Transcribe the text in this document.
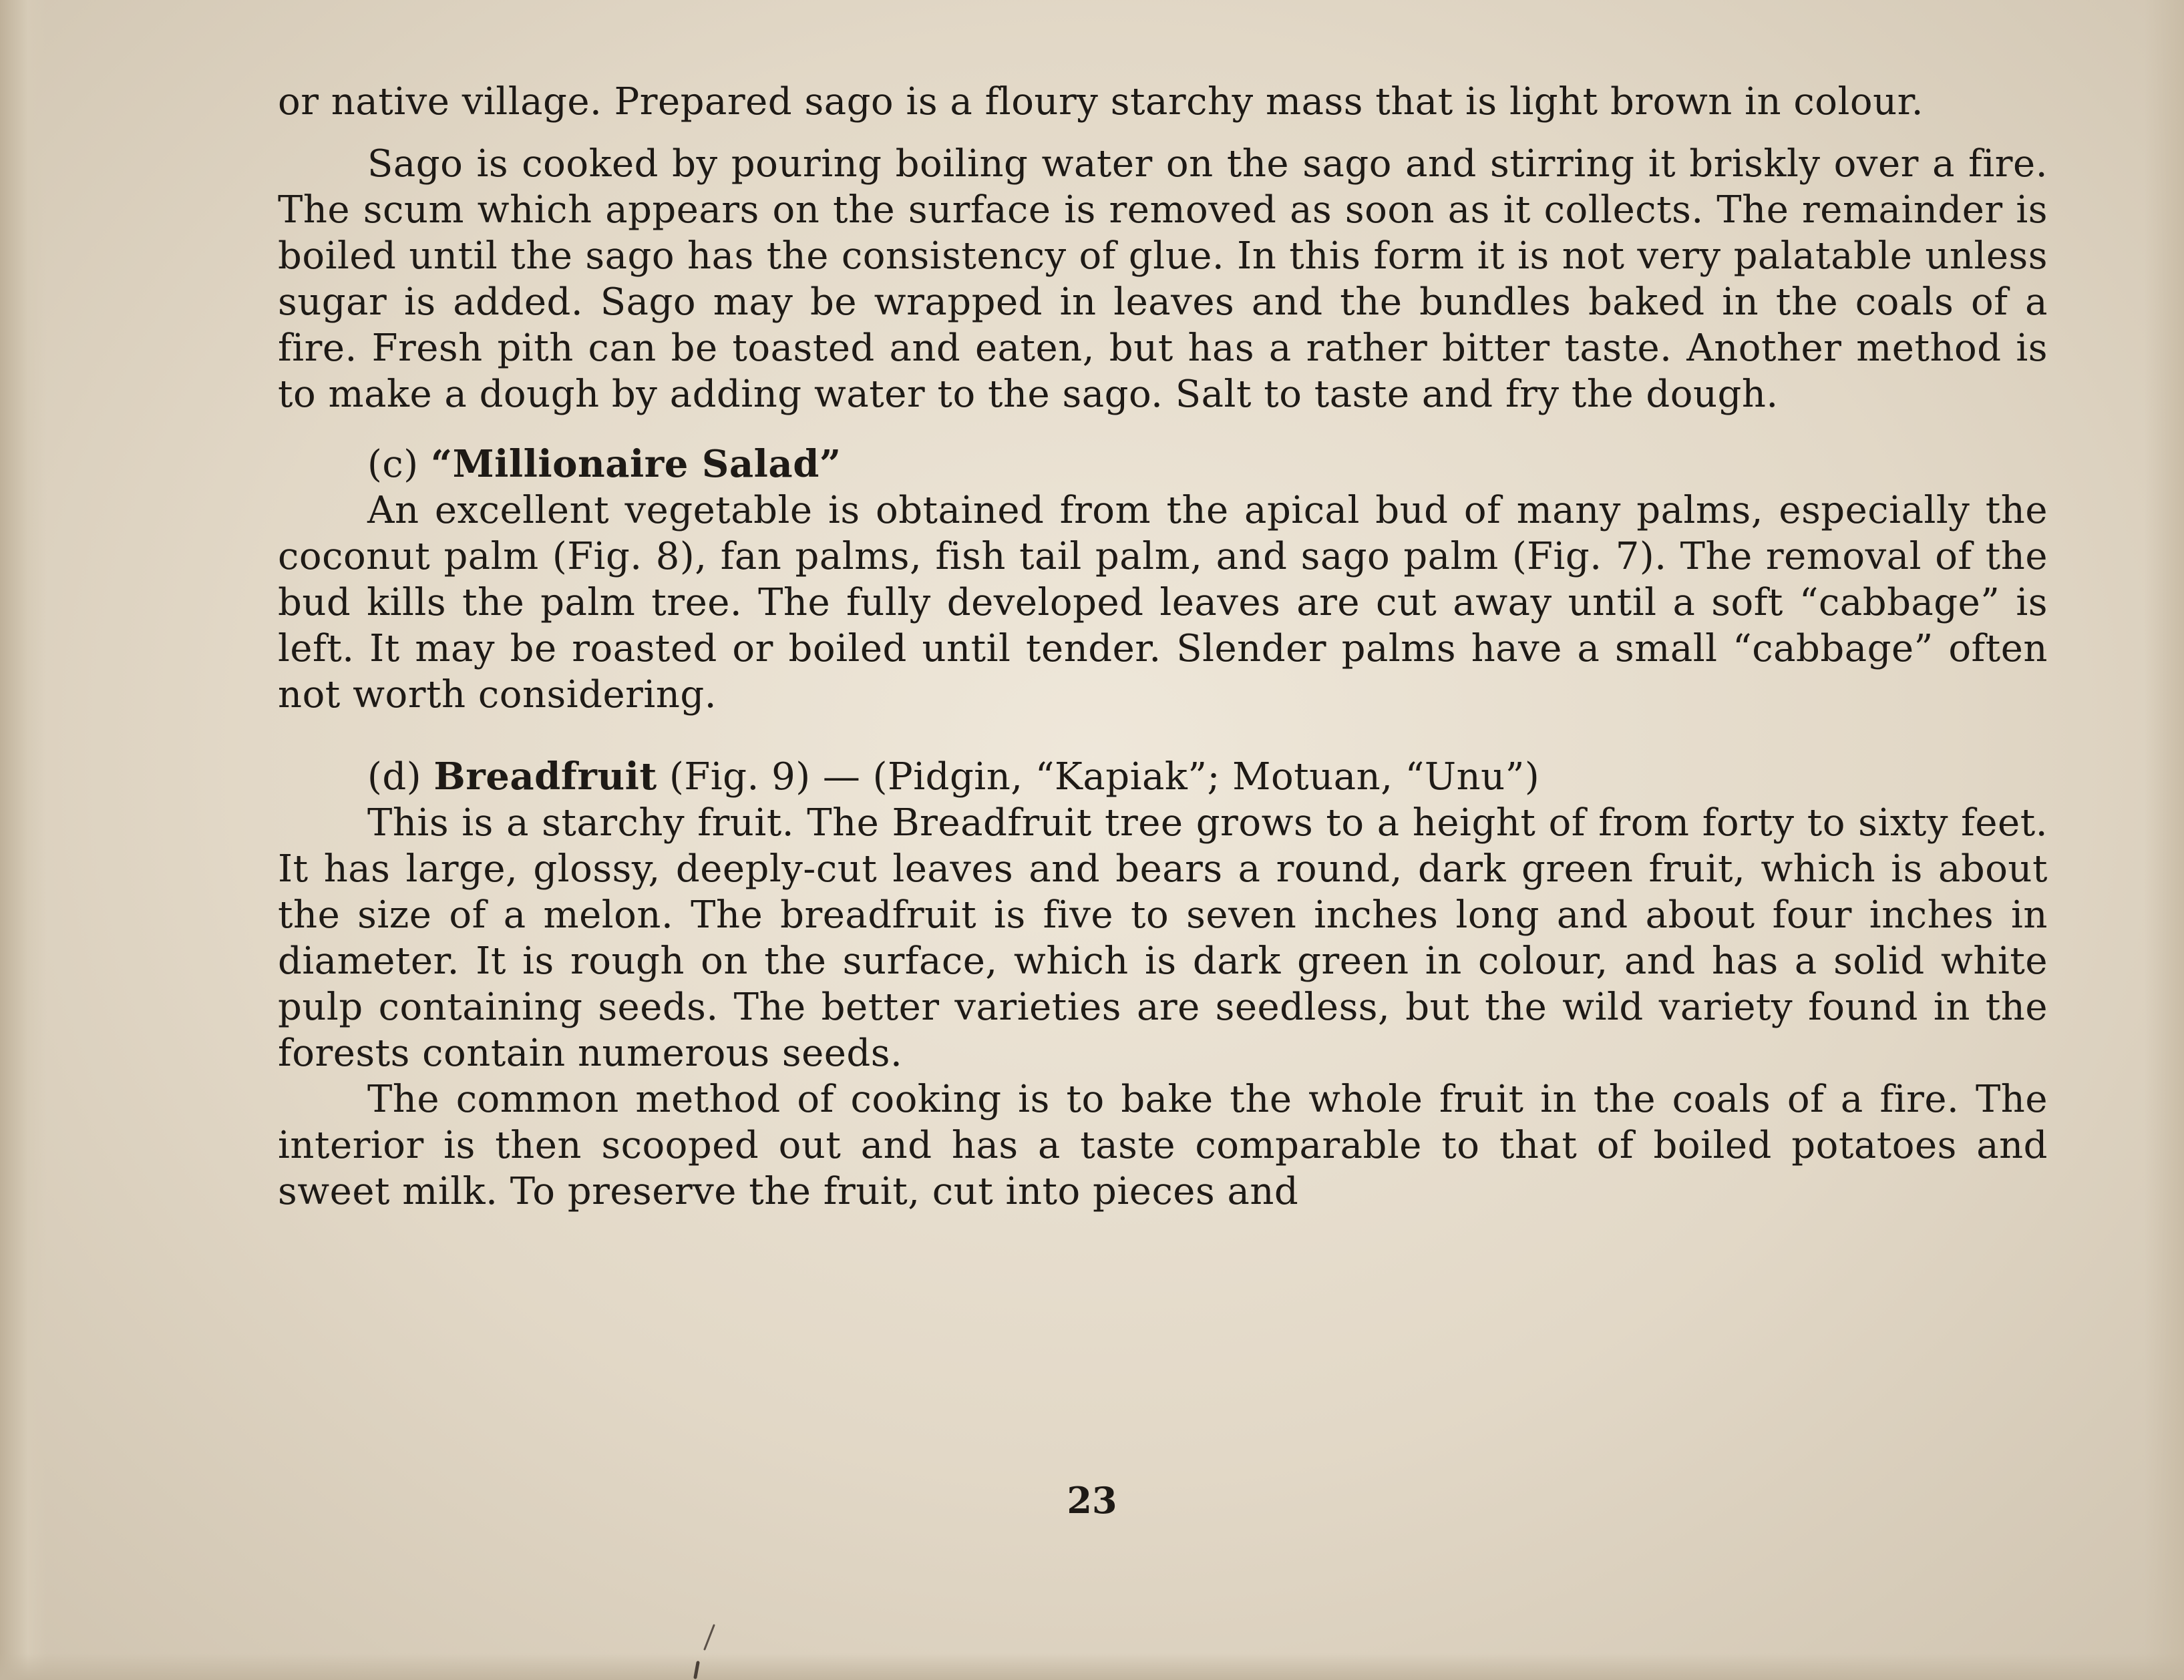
or native village. Prepared sago is a floury starchy mass that is light brown in colour.

Sago is cooked by pouring boiling water on the sago and stirring it briskly over a fire. The scum which appears on the surface is removed as soon as it collects. The remainder is boiled until the sago has the consistency of glue. In this form it is not very palatable unless sugar is added. Sago may be wrapped in leaves and the bundles baked in the coals of a fire. Fresh pith can be toasted and eaten, but has a rather bitter taste. Another method is to make a dough by adding water to the sago. Salt to taste and fry the dough.

(c) “Millionaire Salad”

An excellent vegetable is obtained from the apical bud of many palms, especially the coconut palm (Fig. 8), fan palms, fish tail palm, and sago palm (Fig. 7). The removal of the bud kills the palm tree. The fully developed leaves are cut away until a soft “cabbage” is left. It may be roasted or boiled until tender. Slender palms have a small “cabbage” often not worth considering.

(d) Breadfruit (Fig. 9) — (Pidgin, “Kapiak”; Motuan, “Unu”)

This is a starchy fruit. The Breadfruit tree grows to a height of from forty to sixty feet. It has large, glossy, deeply-cut leaves and bears a round, dark green fruit, which is about the size of a melon. The breadfruit is five to seven inches long and about four inches in diameter. It is rough on the surface, which is dark green in colour, and has a solid white pulp containing seeds. The better varieties are seedless, but the wild variety found in the forests contain numerous seeds.

The common method of cooking is to bake the whole fruit in the coals of a fire. The interior is then scooped out and has a taste comparable to that of boiled potatoes and sweet milk. To preserve the fruit, cut into pieces and

23
